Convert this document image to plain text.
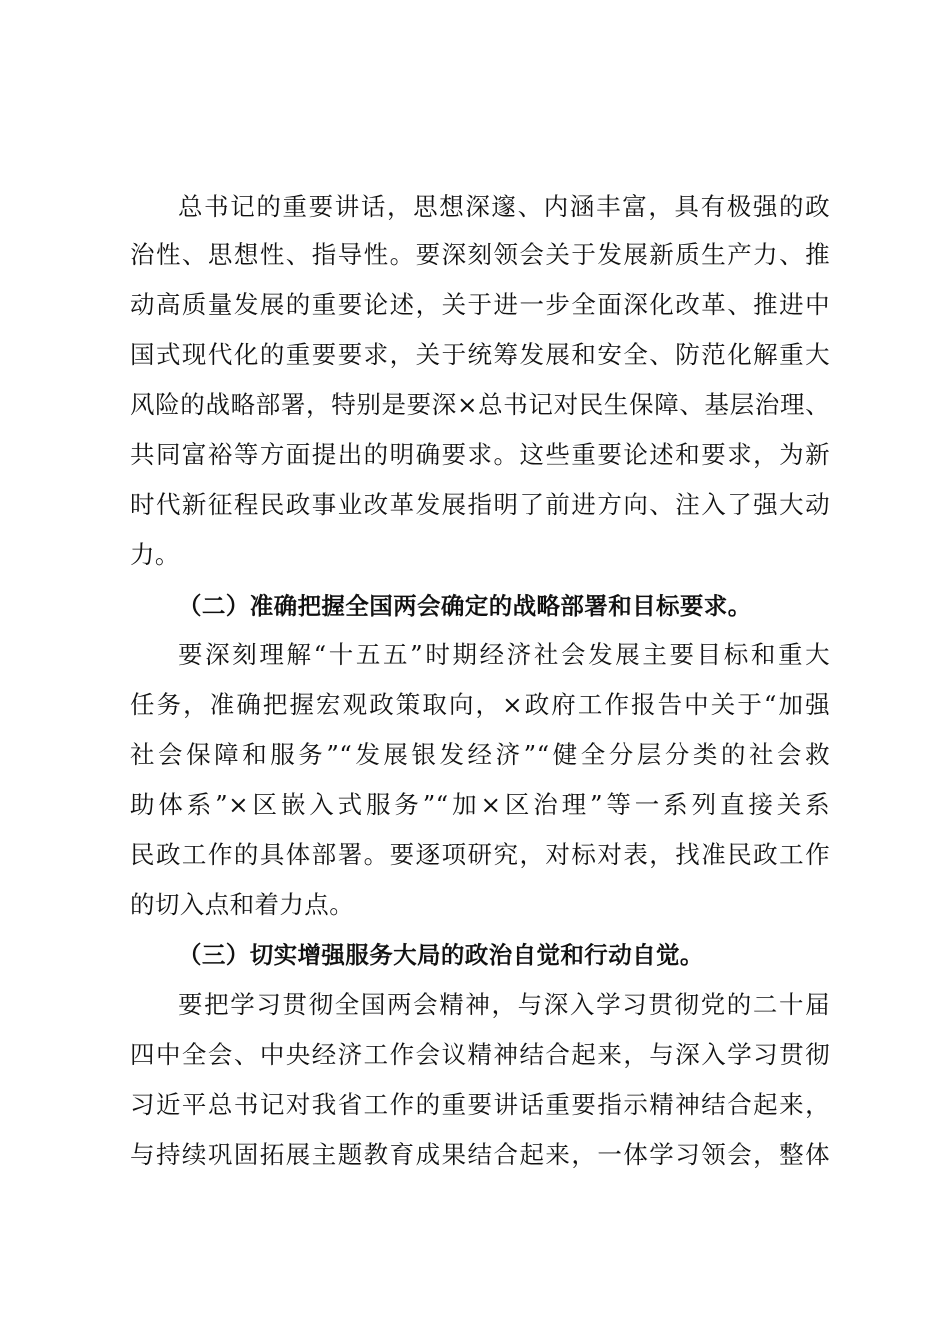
总书记的重要讲话，思想深邃、内涵丰富，具有极强的政
治性、思想性、指导性。要深刻领会关于发展新质生产力、推
动高质量发展的重要论述，关于进一步全面深化改革、推进中
国式现代化的重要要求，关于统筹发展和安全、防范化解重大
风险的战略部署，特别是要深×总书记对民生保障、基层治理、
共同富裕等方面提出的明确要求。这些重要论述和要求，为新
时代新征程民政事业改革发展指明了前进方向、注入了强大动
力。
（二）准确把握全国两会确定的战略部署和目标要求。
要深刻理解“十五五”时期经济社会发展主要目标和重大
任务，准确把握宏观政策取向，×政府工作报告中关于“加强
社会保障和服务”“发展银发经济”“健全分层分类的社会救
助体系”×区嵌入式服务”“加×区治理”等一系列直接关系
民政工作的具体部署。要逐项研究，对标对表，找准民政工作
的切入点和着力点。
（三）切实增强服务大局的政治自觉和行动自觉。
要把学习贯彻全国两会精神，与深入学习贯彻党的二十届
四中全会、中央经济工作会议精神结合起来，与深入学习贯彻
习近平总书记对我省工作的重要讲话重要指示精神结合起来，
与持续巩固拓展主题教育成果结合起来，一体学习领会，整体
